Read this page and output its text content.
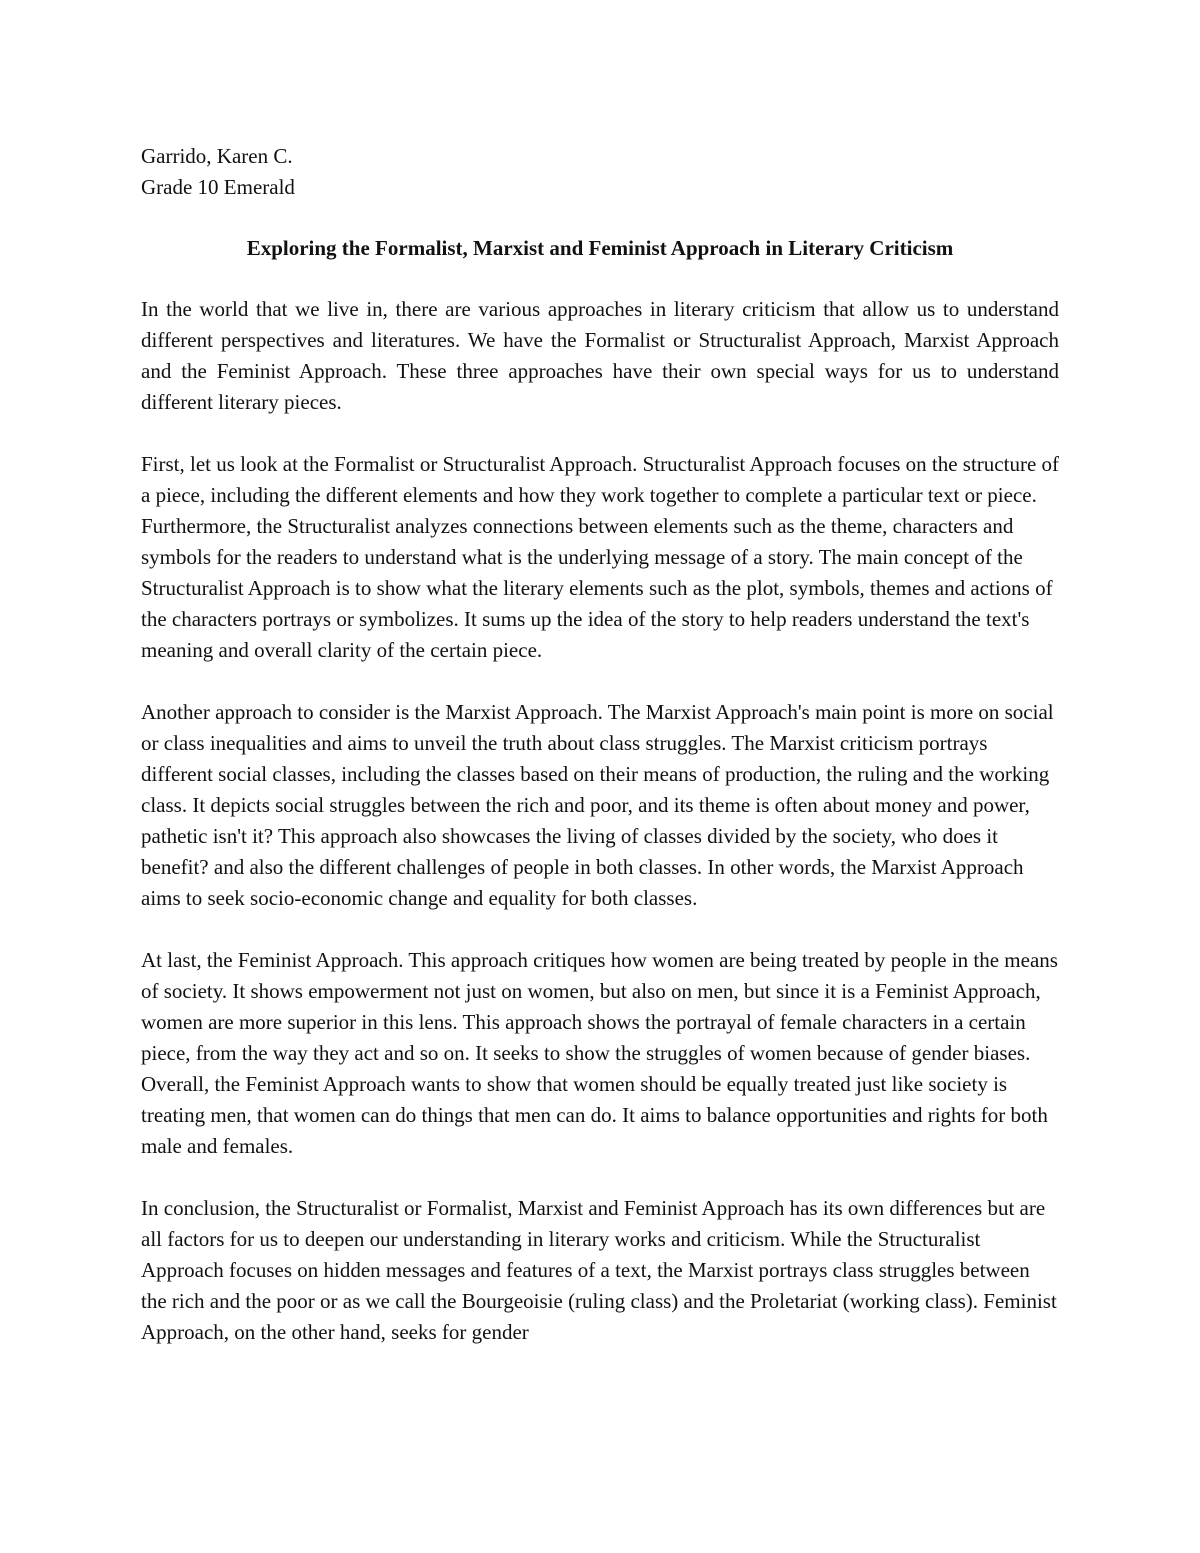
Garrido, Karen C.

Grade 10 Emerald

Exploring the Formalist, Marxist and Feminist Approach in Literary Criticism

In the world that we live in, there are various approaches in literary criticism that allow us to understand different perspectives and literatures. We have the Formalist or Structuralist Approach, Marxist Approach and the Feminist Approach. These three approaches have their own special ways for us to understand different literary pieces.

First, let us look at the Formalist or Structuralist Approach. Structuralist Approach focuses on the structure of a piece, including the different elements and how they work together to complete a particular text or piece. Furthermore, the Structuralist analyzes connections between elements such as the theme, characters and symbols for the readers to understand what is the underlying message of a story. The main concept of the Structuralist Approach is to show what the literary elements such as the plot, symbols, themes and actions of the characters portrays or symbolizes. It sums up the idea of the story to help readers understand the text's meaning and overall clarity of the certain piece.

Another approach to consider is the Marxist Approach. The Marxist Approach's main point is more on social or class inequalities and aims to unveil the truth about class struggles. The Marxist criticism portrays different social classes, including the classes based on their means of production, the ruling and the working class. It depicts social struggles between the rich and poor, and its theme is often about money and power, pathetic isn't it? This approach also showcases the living of classes divided by the society, who does it benefit? and also the different challenges of people in both classes. In other words, the Marxist Approach aims to seek socio-economic change and equality for both classes.

At last, the Feminist Approach. This approach critiques how women are being treated by people in the means of society. It shows empowerment not just on women, but also on men, but since it is a Feminist Approach, women are more superior in this lens. This approach shows the portrayal of female characters in a certain piece, from the way they act and so on. It seeks to show the struggles of women because of gender biases. Overall, the Feminist Approach wants to show that women should be equally treated just like society is treating men, that women can do things that men can do. It aims to balance opportunities and rights for both male and females.

In conclusion, the Structuralist or Formalist, Marxist and Feminist Approach has its own differences but are all factors for us to deepen our understanding in literary works and criticism. While the Structuralist Approach focuses on hidden messages and features of a text, the Marxist portrays class struggles between the rich and the poor or as we call the Bourgeoisie (ruling class) and the Proletariat (working class). Feminist Approach, on the other hand, seeks for gender
